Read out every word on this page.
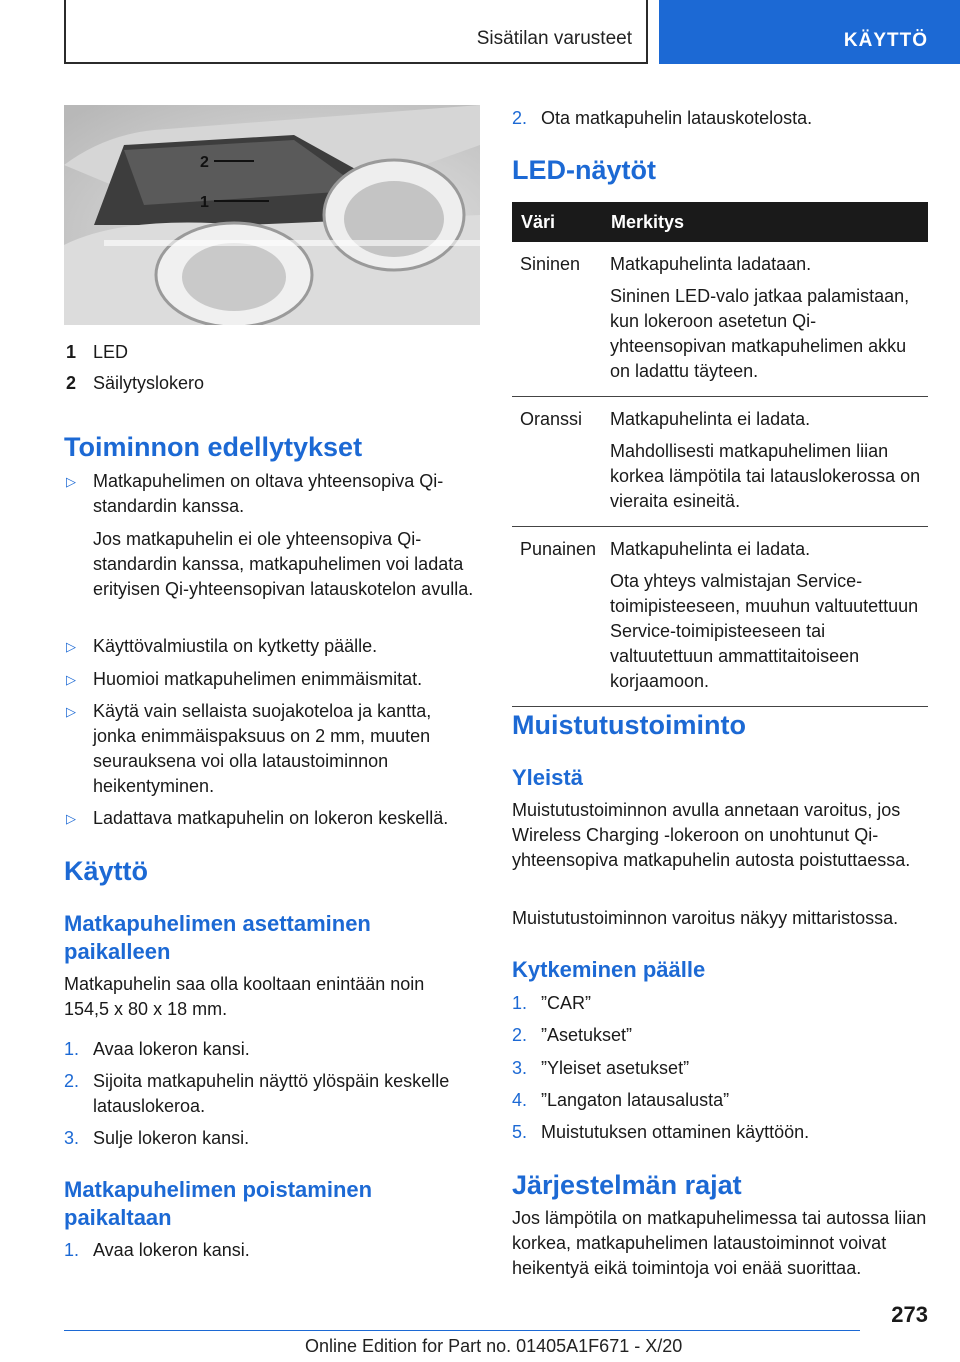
Sisätilan varusteet	KÄYTTÖ
2
1
1 LED
2 Säilytyslokero
Toiminnon edellytykset
▷ Matkapuhelimen on oltava yhteensopiva Qi-standardin kanssa.

Jos matkapuhelin ei ole yhteensopiva Qi-standardin kanssa, matkapuhelimen voi ladata erityisen Qi-yhteensopivan latauskotelon avulla.

▷ Käyttövalmiustila on kytketty päälle.

▷ Huomioi matkapuhelimen enimmäismitat.

▷ Käytä vain sellaista suojakoteloa ja kantta, jonka enimmäispaksuus on 2 mm, muuten seurauksena voi olla lataustoiminnon heikentyminen.

▷ Ladattava matkapuhelin on lokeron keskellä.

Käyttö
Matkapuhelimen asettaminen paikalleen

Matkapuhelin saa olla kooltaan enintään noin 154,5 x 80 x 18 mm.

1. Avaa lokeron kansi.

2. Sijoita matkapuhelin näyttö ylöspäin keskelle latauslokeroa.

3. Sulje lokeron kansi.

Matkapuhelimen poistaminen paikaltaan
1. Avaa lokeron kansi.

2. Ota matkapuhelin latauskotelosta.

LED-näytöt
Väri	Merkitys
Sininen	Matkapuhelinta ladataan.

Sininen LED-valo jatkaa palamistaan, kun lokeroon asetetun Qi-yhteensopivan matkapuhelimen akku on ladattu täyteen.

Oranssi	Matkapuhelinta ei ladata.

Mahdollisesti matkapuhelimen liian korkea lämpötila tai latauslokerossa on vieraita esineitä.

Punainen	Matkapuhelinta ei ladata.

Ota yhteys valmistajan Service-toimipisteeseen, muuhun valtuutettuun Service-toimipisteeseen tai valtuutettuun ammattitaitoiseen korjaamoon.

Muistutustoiminto
Yleistä

Muistutustoiminnon avulla annetaan varoitus, jos Wireless Charging -lokeroon on unohtunut Qi-yhteensopiva matkapuhelin autosta poistuttaessa.

Muistutustoiminnon varoitus näkyy mittaristossa.

Kytkeminen päälle
1. ”CAR”

2. ”Asetukset”

3. ”Yleiset asetukset”

4. ”Langaton latausalusta”

5. Muistutuksen ottaminen käyttöön.

Järjestelmän rajat

Jos lämpötila on matkapuhelimessa tai autossa liian korkea, matkapuhelimen lataustoiminnot voivat heikentyä eikä toimintoja voi enää suorittaa.

273
Online Edition for Part no. 01405A1F671 - X/20
